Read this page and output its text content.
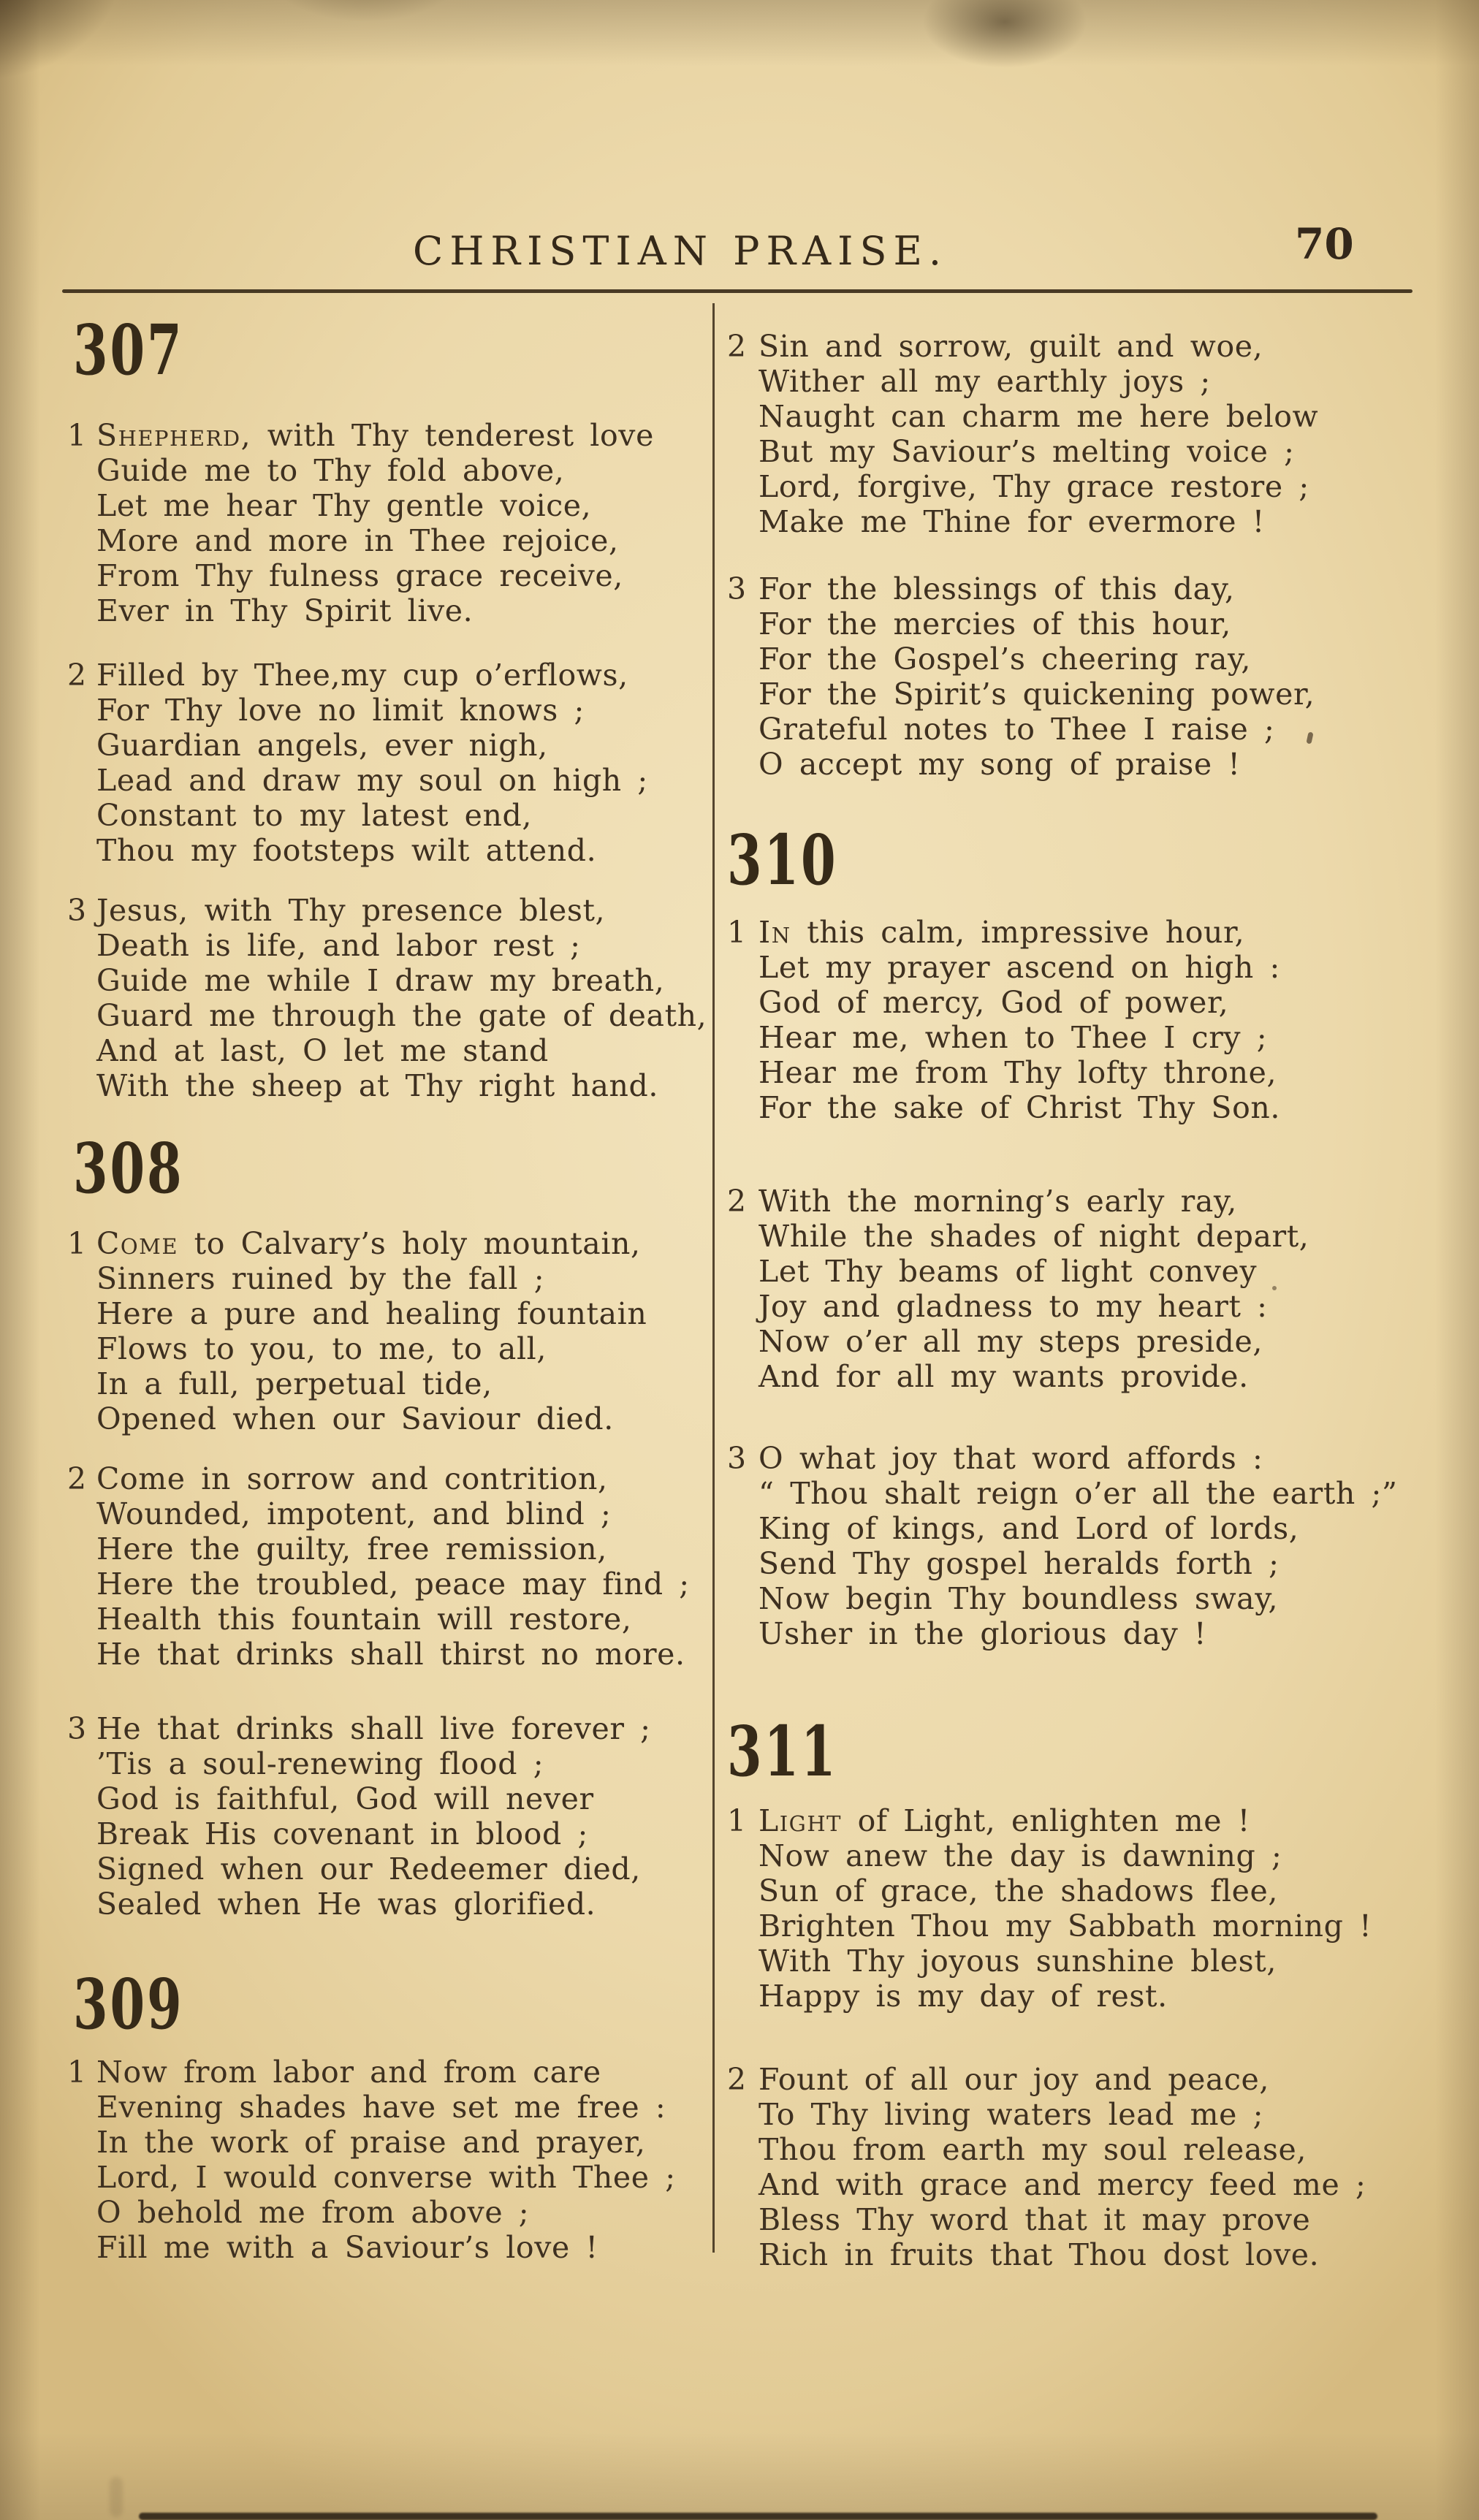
CHRISTIAN PRAISE.	70
307
1 Shepherd, with Thy tenderest love
Guide me to Thy fold above,
Let me hear Thy gentle voice,
More and more in Thee rejoice,
From Thy fulness grace receive,
Ever in Thy Spirit live.
2 Filled by Thee,my cup o’erflows,
For Thy love no limit knows ;
Guardian angels, ever nigh,
Lead and draw my soul on high ;
Constant to my latest end,
Thou my footsteps wilt attend.
3 Jesus, with Thy presence blest,
Death is life, and labor rest ;
Guide me while I draw my breath,
Guard me through the gate of death,
And at last, O let me stand
With the sheep at Thy right hand.
308
1 Come to Calvary’s holy mountain,
Sinners ruined by the fall ;
Here a pure and healing fountain
Flows to you, to me, to all,
In a full, perpetual tide,
Opened when our Saviour died.
2 Come in sorrow and contrition,
Wounded, impotent, and blind ;
Here the guilty, free remission,
Here the troubled, peace may find ;
Health this fountain will restore,
He that drinks shall thirst no more.
3 He that drinks shall live forever ;
’Tis a soul-renewing flood ;
God is faithful, God will never
Break His covenant in blood ;
Signed when our Redeemer died,
Sealed when He was glorified.
309
1 Now from labor and from care
Evening shades have set me free :
In the work of praise and prayer,
Lord, I would converse with Thee ;
O behold me from above ;
Fill me with a Saviour’s love !
2 Sin and sorrow, guilt and woe,
Wither all my earthly joys ;
Naught can charm me here below
But my Saviour’s melting voice ;
Lord, forgive, Thy grace restore ;
Make me Thine for evermore !
3 For the blessings of this day,
For the mercies of this hour,
For the Gospel’s cheering ray,
For the Spirit’s quickening power,
Grateful notes to Thee I raise ;
O accept my song of praise !
310
1 In this calm, impressive hour,
Let my prayer ascend on high :
God of mercy, God of power,
Hear me, when to Thee I cry ;
Hear me from Thy lofty throne,
For the sake of Christ Thy Son.
2 With the morning’s early ray,
While the shades of night depart,
Let Thy beams of light convey
Joy and gladness to my heart :
Now o’er all my steps preside,
And for all my wants provide.
3 O what joy that word affords :
“ Thou shalt reign o’er all the earth ;”
King of kings, and Lord of lords,
Send Thy gospel heralds forth ;
Now begin Thy boundless sway,
Usher in the glorious day !
311
1 Light of Light, enlighten me !
Now anew the day is dawning ;
Sun of grace, the shadows flee,
Brighten Thou my Sabbath morning !
With Thy joyous sunshine blest,
Happy is my day of rest.
2 Fount of all our joy and peace,
To Thy living waters lead me ;
Thou from earth my soul release,
And with grace and mercy feed me ;
Bless Thy word that it may prove
Rich in fruits that Thou dost love.
